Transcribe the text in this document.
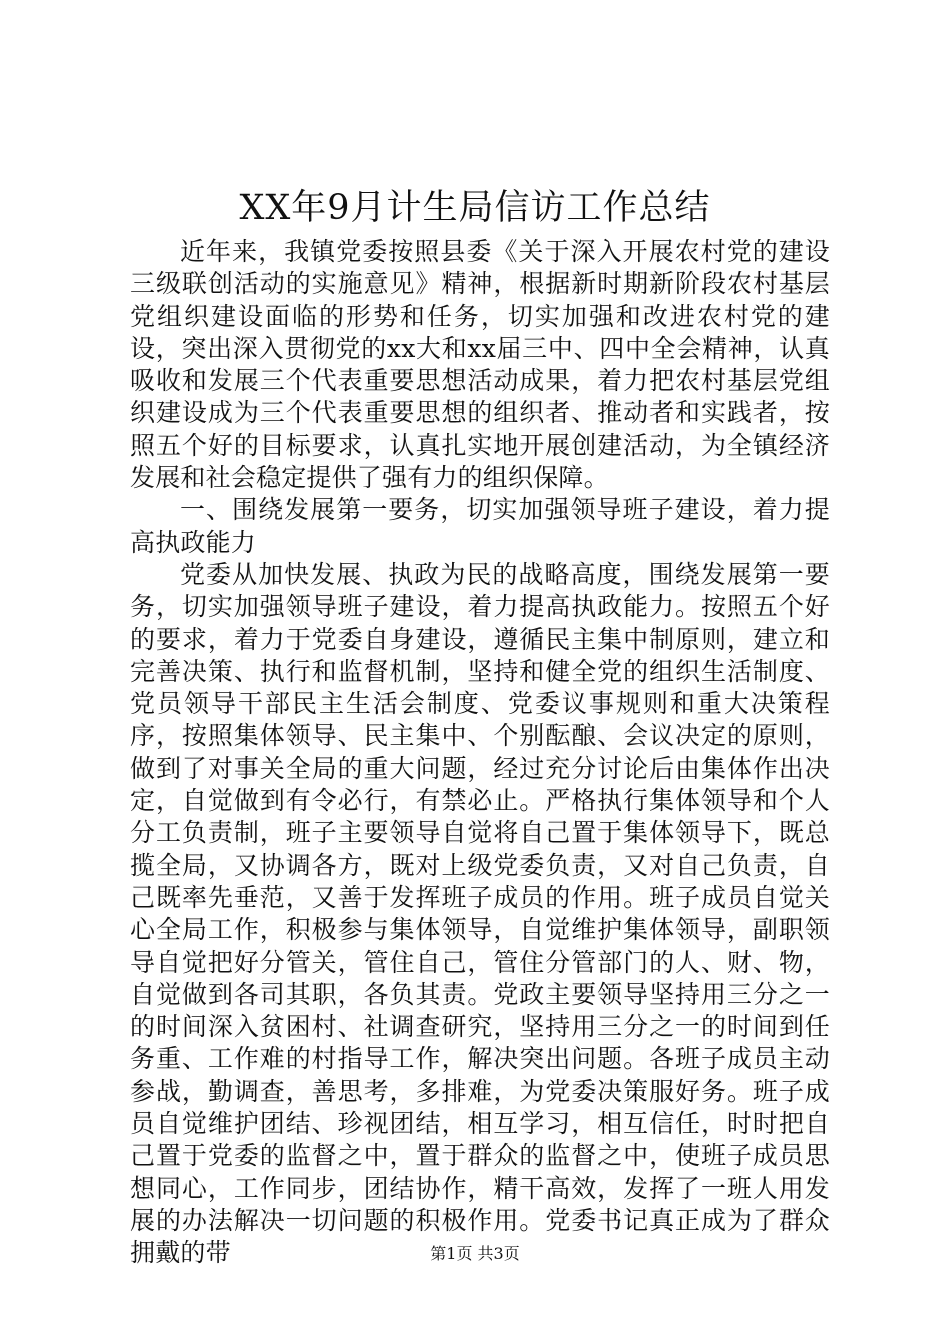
XX年9月计生局信访工作总结

近年来，我镇党委按照县委《关于深入开展农村党的建设三级联创活动的实施意见》精神，根据新时期新阶段农村基层党组织建设面临的形势和任务，切实加强和改进农村党的建设，突出深入贯彻党的xx大和xx届三中、四中全会精神，认真吸收和发展三个代表重要思想活动成果，着力把农村基层党组织建设成为三个代表重要思想的组织者、推动者和实践者，按照五个好的目标要求，认真扎实地开展创建活动，为全镇经济发展和社会稳定提供了强有力的组织保障。

一、围绕发展第一要务，切实加强领导班子建设，着力提高执政能力

党委从加快发展、执政为民的战略高度，围绕发展第一要务，切实加强领导班子建设，着力提高执政能力。按照五个好的要求，着力于党委自身建设，遵循民主集中制原则，建立和完善决策、执行和监督机制，坚持和健全党的组织生活制度、党员领导干部民主生活会制度、党委议事规则和重大决策程序，按照集体领导、民主集中、个别酝酿、会议决定的原则，做到了对事关全局的重大问题，经过充分讨论后由集体作出决定，自觉做到有令必行，有禁必止。严格执行集体领导和个人分工负责制，班子主要领导自觉将自己置于集体领导下，既总揽全局，又协调各方，既对上级党委负责，又对自己负责，自己既率先垂范，又善于发挥班子成员的作用。班子成员自觉关心全局工作，积极参与集体领导，自觉维护集体领导，副职领导自觉把好分管关，管住自己，管住分管部门的人、财、物，自觉做到各司其职，各负其责。党政主要领导坚持用三分之一的时间深入贫困村、社调查研究，坚持用三分之一的时间到任务重、工作难的村指导工作，解决突出问题。各班子成员主动参战，勤调查，善思考，多排难，为党委决策服好务。班子成员自觉维护团结、珍视团结，相互学习，相互信任，时时把自己置于党委的监督之中，置于群众的监督之中，使班子成员思想同心，工作同步，团结协作，精干高效，发挥了一班人用发展的办法解决一切问题的积极作用。党委书记真正成为了群众拥戴的带	第1页 共3页
